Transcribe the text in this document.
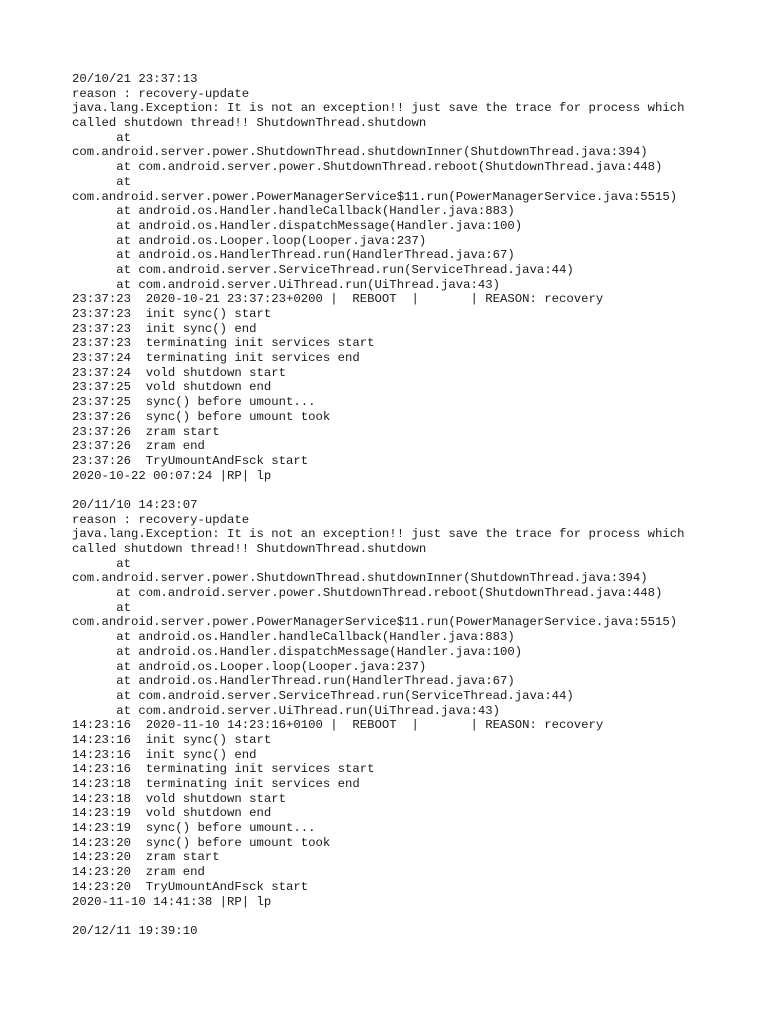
20/10/21 23:37:13
reason : recovery-update
java.lang.Exception: It is not an exception!! just save the trace for process which
called shutdown thread!! ShutdownThread.shutdown
at
com.android.server.power.ShutdownThread.shutdownInner(ShutdownThread.java:394)
at com.android.server.power.ShutdownThread.reboot(ShutdownThread.java:448)
at
com.android.server.power.PowerManagerService$11.run(PowerManagerService.java:5515)
at android.os.Handler.handleCallback(Handler.java:883)
at android.os.Handler.dispatchMessage(Handler.java:100)
at android.os.Looper.loop(Looper.java:237)
at android.os.HandlerThread.run(HandlerThread.java:67)
at com.android.server.ServiceThread.run(ServiceThread.java:44)
at com.android.server.UiThread.run(UiThread.java:43)
23:37:23  2020-10-21 23:37:23+0200 |  REBOOT  |       | REASON: recovery
23:37:23  init sync() start
23:37:23  init sync() end
23:37:23  terminating init services start
23:37:24  terminating init services end
23:37:24  vold shutdown start
23:37:25  vold shutdown end
23:37:25  sync() before umount...
23:37:26  sync() before umount took
23:37:26  zram start
23:37:26  zram end
23:37:26  TryUmountAndFsck start
2020-10-22 00:07:24 |RP| lp
20/11/10 14:23:07
reason : recovery-update
java.lang.Exception: It is not an exception!! just save the trace for process which
called shutdown thread!! ShutdownThread.shutdown
at
com.android.server.power.ShutdownThread.shutdownInner(ShutdownThread.java:394)
at com.android.server.power.ShutdownThread.reboot(ShutdownThread.java:448)
at
com.android.server.power.PowerManagerService$11.run(PowerManagerService.java:5515)
at android.os.Handler.handleCallback(Handler.java:883)
at android.os.Handler.dispatchMessage(Handler.java:100)
at android.os.Looper.loop(Looper.java:237)
at android.os.HandlerThread.run(HandlerThread.java:67)
at com.android.server.ServiceThread.run(ServiceThread.java:44)
at com.android.server.UiThread.run(UiThread.java:43)
14:23:16  2020-11-10 14:23:16+0100 |  REBOOT  |       | REASON: recovery
14:23:16  init sync() start
14:23:16  init sync() end
14:23:16  terminating init services start
14:23:18  terminating init services end
14:23:18  vold shutdown start
14:23:19  vold shutdown end
14:23:19  sync() before umount...
14:23:20  sync() before umount took
14:23:20  zram start
14:23:20  zram end
14:23:20  TryUmountAndFsck start
2020-11-10 14:41:38 |RP| lp
20/12/11 19:39:10
